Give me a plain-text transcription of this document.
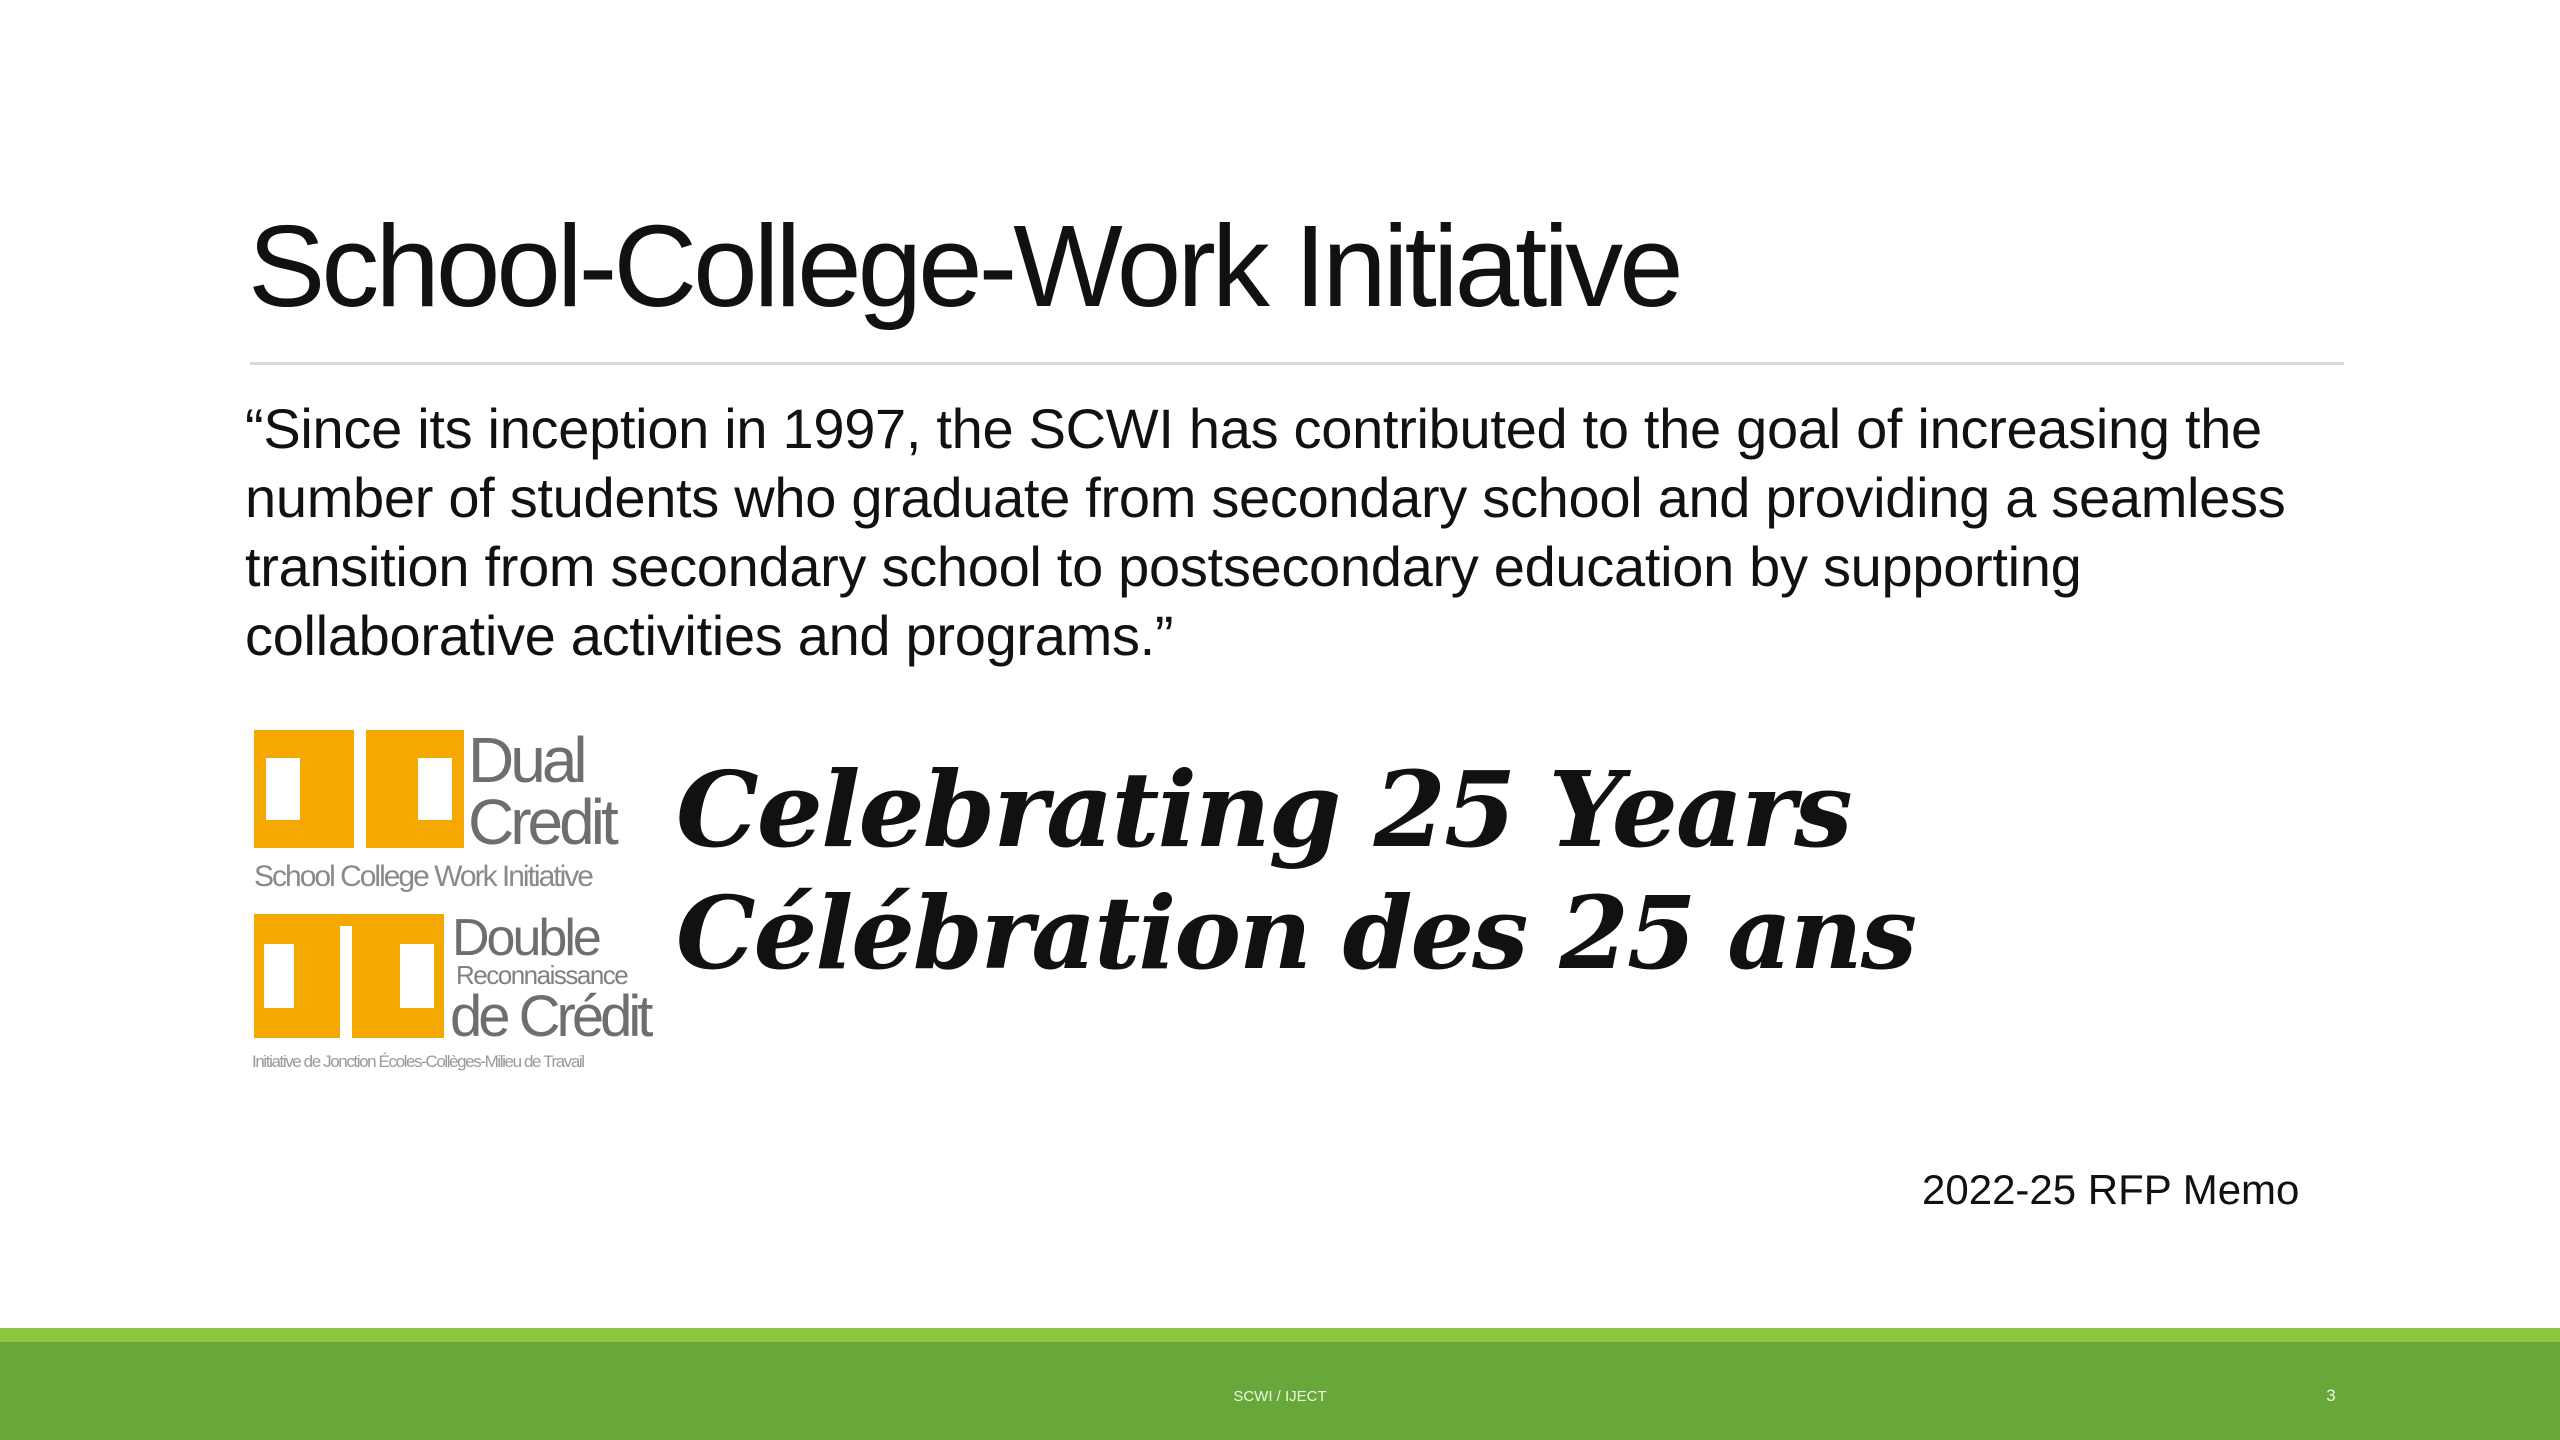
School-College-Work Initiative
“Since its inception in 1997, the SCWI has contributed to the goal of increasing the number of students who graduate from secondary school and providing a seamless transition from secondary school to postsecondary education by supporting collaborative activities and programs.”
Dual
Credit
School College Work Initiative
Double
Reconnaissance
de Crédit
Initiative de Jonction Écoles-Collèges-Milieu de Travail
Celebrating 25 Years
Célébration des 25 ans
2022-25 RFP Memo
SCWI / IJECT	3
